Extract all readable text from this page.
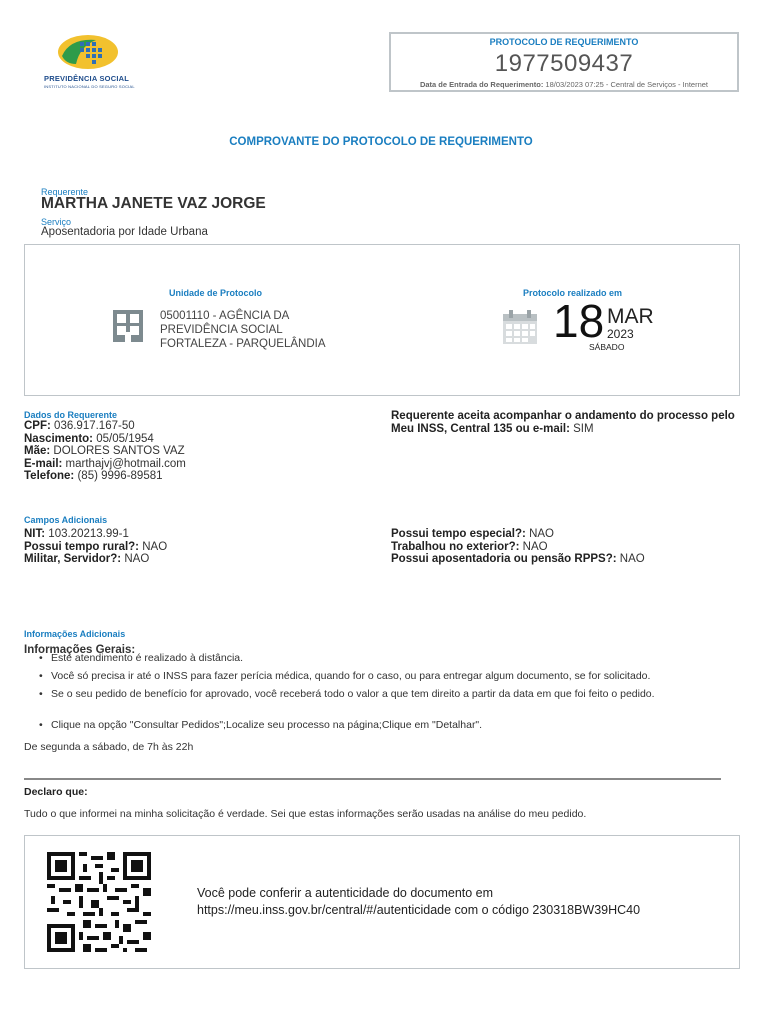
PREVIDÊNCIA SOCIAL
INSTITUTO NACIONAL DO SEGURO SOCIAL
PROTOCOLO DE REQUERIMENTO
1977509437
Data de Entrada do Requerimento: 18/03/2023 07:25 - Central de Serviços - Internet
COMPROVANTE DO PROTOCOLO DE REQUERIMENTO
Requerente
MARTHA JANETE VAZ JORGE
Serviço
Aposentadoria por Idade Urbana
Unidade de Protocolo
05001110 - AGÊNCIA DA
PREVIDÊNCIA SOCIAL
FORTALEZA - PARQUELÂNDIA
Protocolo realizado em
18 MAR
2023
SÁBADO
Dados do Requerente
CPF: 036.917.167-50
Nascimento: 05/05/1954
Mãe: DOLORES SANTOS VAZ
E-mail: marthajvj@hotmail.com
Telefone: (85) 9996-89581
Requerente aceita acompanhar o andamento do processo pelo
Meu INSS, Central 135 ou e-mail: SIM
Campos Adicionais
NIT: 103.20213.99-1
Possui tempo rural?: NAO
Militar, Servidor?: NAO
Possui tempo especial?: NAO
Trabalhou no exterior?: NAO
Possui aposentadoria ou pensão RPPS?: NAO
Informações Adicionais
Informações Gerais:
• Este atendimento é realizado à distância.
• Você só precisa ir até o INSS para fazer perícia médica, quando for o caso, ou para entregar algum documento, se for solicitado.
• Se o seu pedido de benefício for aprovado, você receberá todo o valor a que tem direito a partir da data em que foi feito o pedido.
• Clique na opção "Consultar Pedidos";Localize seu processo na página;Clique em "Detalhar".
De segunda a sábado, de 7h às 22h
Declaro que:
Tudo o que informei na minha solicitação é verdade. Sei que estas informações serão usadas na análise do meu pedido.
Você pode conferir a autenticidade do documento em
https://meu.inss.gov.br/central/#/autenticidade com o código 230318BW39HC40
